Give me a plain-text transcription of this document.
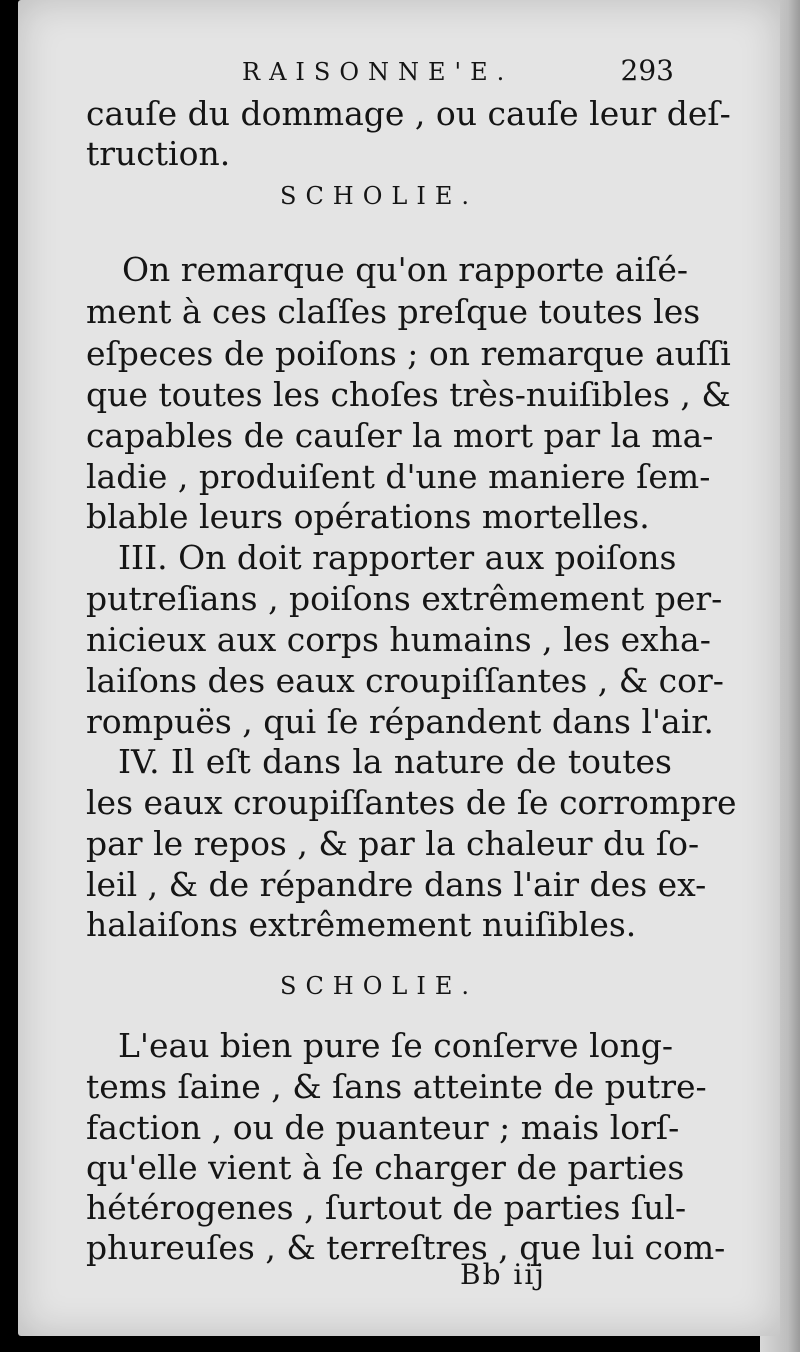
RAISONNE'E.	293
cauſe du dommage , ou cauſe leur deſ-
truction.
SCHOLIE.
On remarque qu'on rapporte aiſé-
ment à ces claſſes preſque toutes les
eſpeces de poiſons ; on remarque auſſi
que toutes les choſes très-nuiſibles , &
capables de cauſer la mort par la ma-
ladie , produiſent d'une maniere ſem-
blable leurs opérations mortelles.
III. On doit rapporter aux poiſons
putreſians , poiſons extrêmement per-
nicieux aux corps humains , les exha-
laiſons des eaux croupiſſantes , & cor-
rompuës , qui ſe répandent dans l'air.
IV. Il eſt dans la nature de toutes
les eaux croupiſſantes de ſe corrompre
par le repos , & par la chaleur du ſo-
leil , & de répandre dans l'air des ex-
halaiſons extrêmement nuiſibles.
SCHOLIE.
L'eau bien pure ſe conſerve long-
tems ſaine , & ſans atteinte de putre-
faction , ou de puanteur ; mais lorſ-
qu'elle vient à ſe charger de parties
hétérogenes , ſurtout de parties ſul-
phureuſes , & terreſtres , que lui com-
Bb iij
